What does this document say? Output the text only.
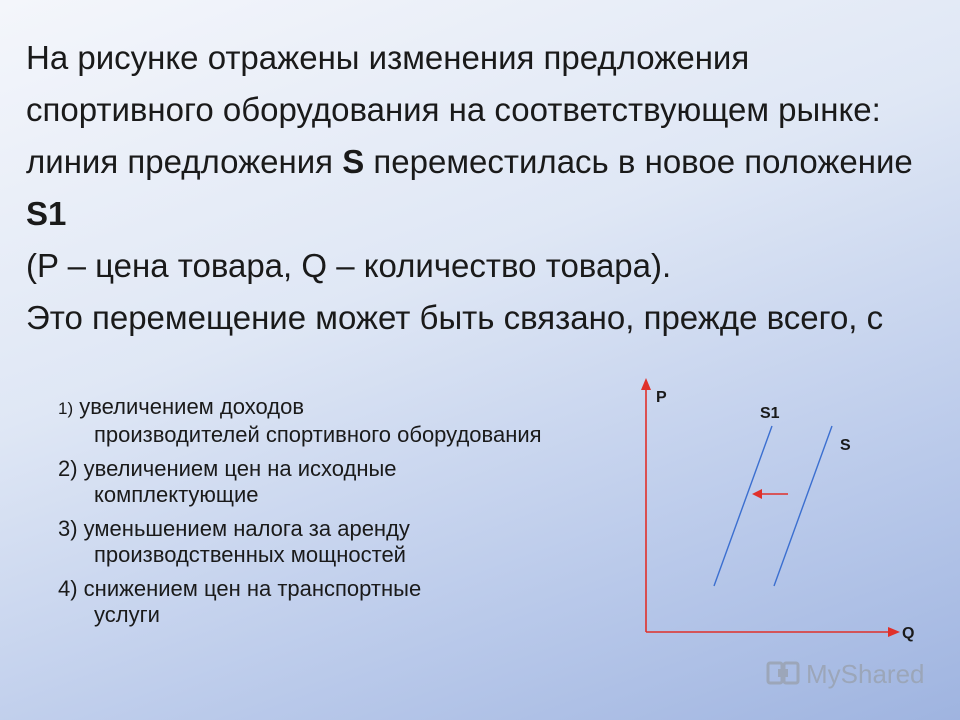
На рисунке отражены изменения предложения спортивного оборудования на соответствующем рынке: линия предложения S переместилась в новое положение S1

(P – цена товара, Q – количество товара).

Это перемещение может быть связано, прежде всего, с

1) увеличением доходов
производителей спортивного оборудования
2) увеличением цен на исходные
комплектующие
3) уменьшением налога за аренду
производственных мощностей
4) снижением цен на транспортные
услуги
P
Q
S1
S
MyShared
